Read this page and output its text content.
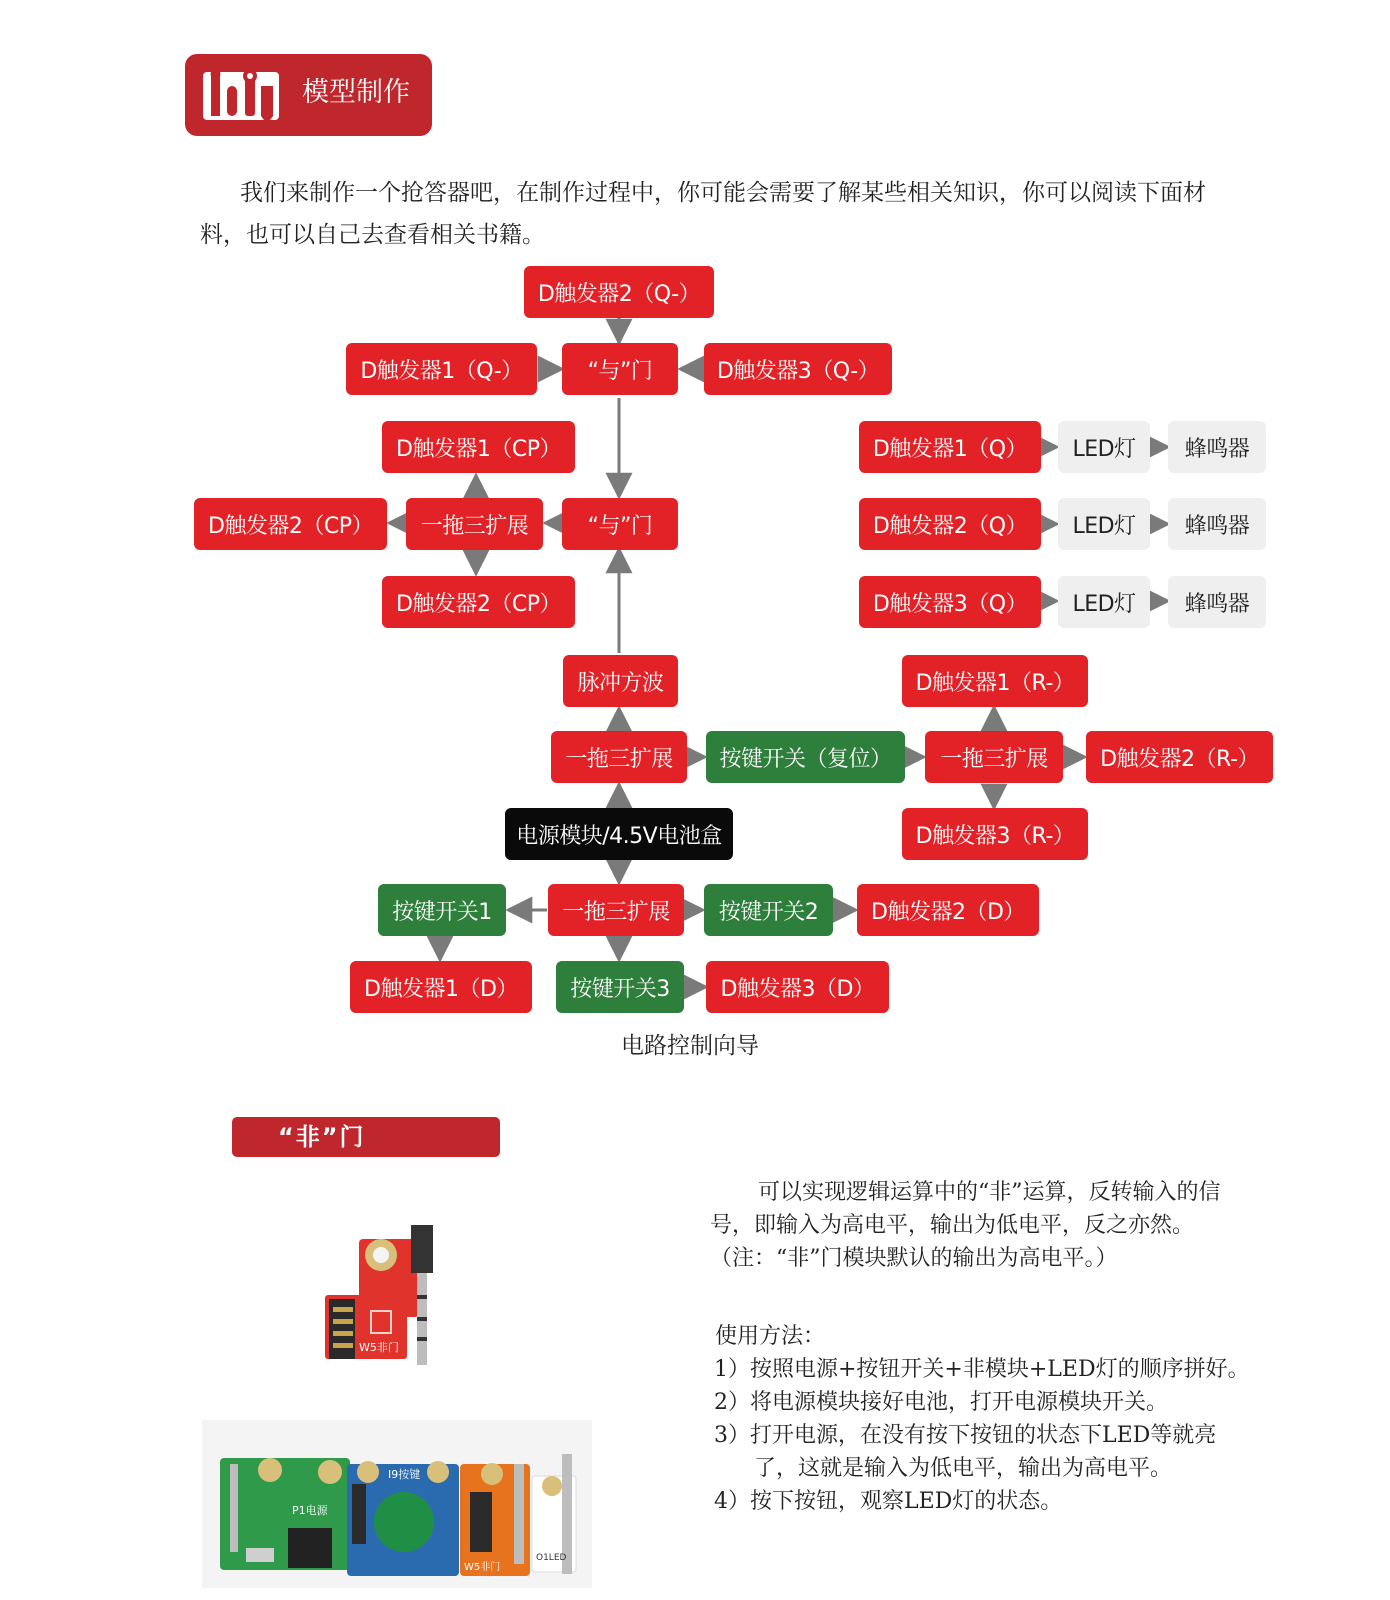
模型制作

我们来制作一个抢答器吧，在制作过程中，你可能会需要了解某些相关知识，你可以阅读下面材料，也可以自己去查看相关书籍。

D触发器2（Q-）
D触发器1（Q-）	“与”门	D触发器3（Q-）
D触发器1（CP）
D触发器2（CP）	一拖三扩展	“与”门
D触发器2（CP）
D触发器1（Q）	LED灯	蜂鸣器
D触发器2（Q）	LED灯	蜂鸣器
D触发器3（Q）	LED灯	蜂鸣器
脉冲方波	D触发器1（R-）
一拖三扩展	按键开关（复位）	一拖三扩展	D触发器2（R-）
电源模块/4.5V电池盒	D触发器3（R-）
按键开关1	一拖三扩展	按键开关2	D触发器2（D）
D触发器1（D）	按键开关3	D触发器3（D）
电路控制向导
“非”门

可以实现逻辑运算中的“非”运算，反转输入的信号，即输入为高电平，输出为低电平，反之亦然。（注：“非”门模块默认的输出为高电平。）

使用方法：
1）按照电源+按钮开关+非模块+LED灯的顺序拼好。
2）将电源模块接好电池，打开电源模块开关。
3）打开电源，在没有按下按钮的状态下LED等就亮了，这就是输入为低电平，输出为高电平。
4）按下按钮，观察LED灯的状态。
W5非门
P1电源
I9按键
W5非门
O1LED
